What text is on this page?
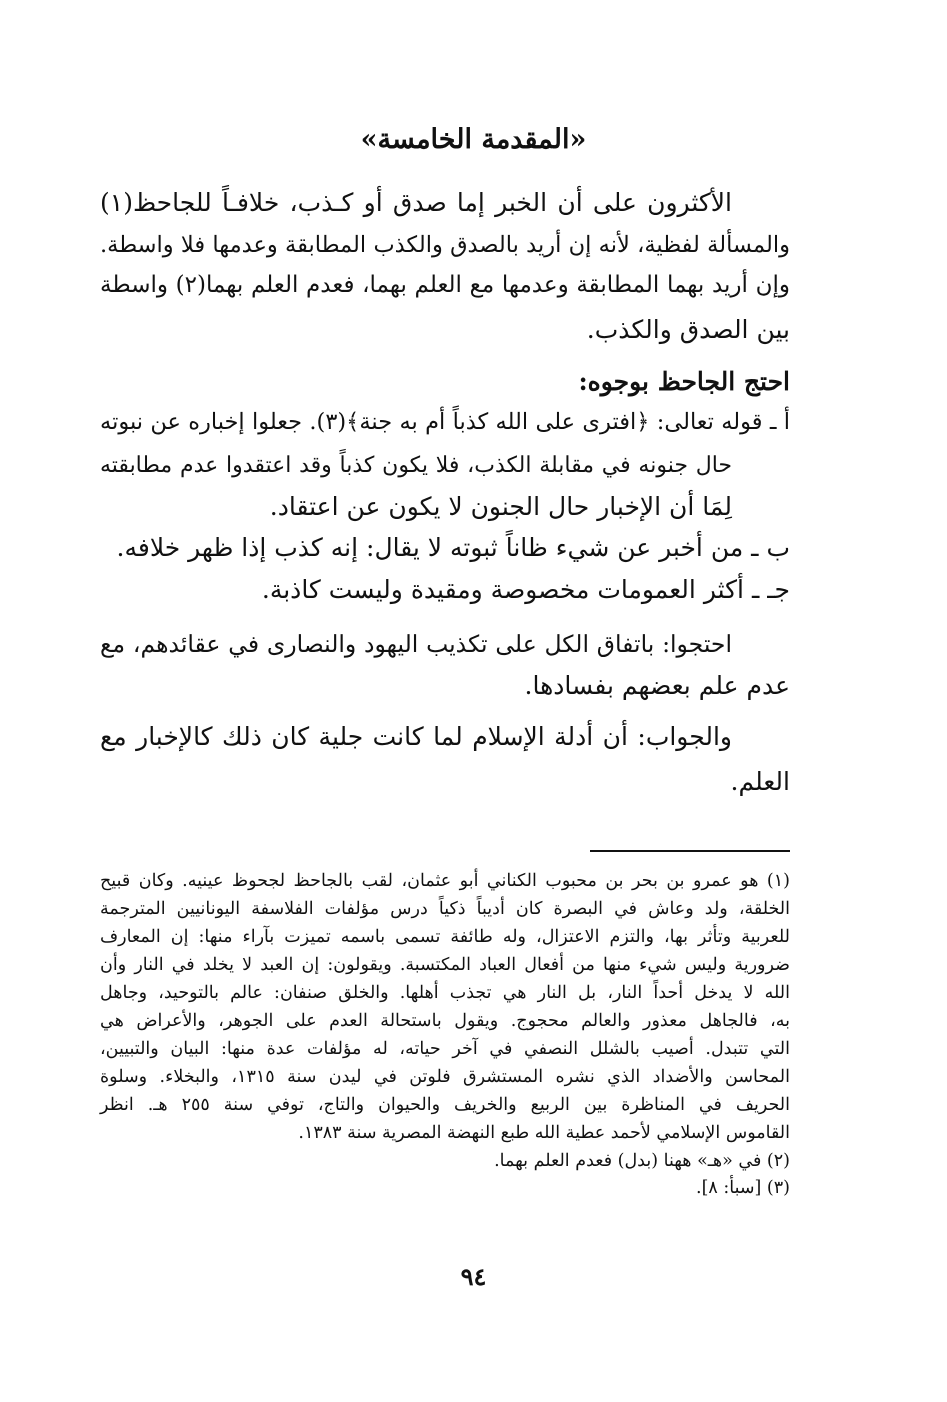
«المقدمة الخامسة»
الأكثرون على أن الخبر إما صدق أو كـذب، خلافـاً للجاحظ(١)
والمسألة لفظية، لأنه إن أريد بالصدق والكذب المطابقة وعدمها فلا واسطة.
وإن أريد بهما المطابقة وعدمها مع العلم بهما، فعدم العلم بهما(٢) واسطة
بين الصدق والكذب.
احتج الجاحظ بوجوه:
أ ـ قوله تعالى: ﴿افترى على الله كذباً أم به جنة﴾(٣). جعلوا إخباره عن نبوته
حال جنونه في مقابلة الكذب، فلا يكون كذباً وقد اعتقدوا عدم مطابقته
لِمَا أن الإخبار حال الجنون لا يكون عن اعتقاد.
ب ـ من أخبر عن شيء ظاناً ثبوته لا يقال: إنه كذب إذا ظهر خلافه.
جـ ـ أكثر العمومات مخصوصة ومقيدة وليست كاذبة.
احتجوا: باتفاق الكل على تكذيب اليهود والنصارى في عقائدهم، مع
عدم علم بعضهم بفسادها.
والجواب: أن أدلة الإسلام لما كانت جلية كان ذلك كالإخبار مع
العلم.
(١) هو عمرو بن بحر بن محبوب الكناني أبو عثمان، لقب بالجاحظ لجحوظ عينيه. وكان قبيح
الخلقة، ولد وعاش في البصرة كان أديباً ذكياً درس مؤلفات الفلاسفة اليونانيين المترجمة
للعربية وتأثر بها، والتزم الاعتزال، وله طائفة تسمى باسمه تميزت بآراء منها: إن المعارف
ضرورية وليس شيء منها من أفعال العباد المكتسبة. ويقولون: إن العبد لا يخلد في النار وأن
الله لا يدخل أحداً النار، بل النار هي تجذب أهلها. والخلق صنفان: عالم بالتوحيد، وجاهل
به، فالجاهل معذور والعالم محجوج. ويقول باستحالة العدم على الجوهر، والأعراض هي
التي تتبدل. أصيب بالشلل النصفي في آخر حياته، له مؤلفات عدة منها: البيان والتبيين،
المحاسن والأضداد الذي نشره المستشرق فلوتن في ليدن سنة ١٣١٥، والبخلاء. وسلوة
الحريف في المناظرة بين الربيع والخريف والحيوان والتاج، توفي سنة ٢٥٥ هـ. انظر
القاموس الإسلامي لأحمد عطية الله طبع النهضة المصرية سنة ١٣٨٣.
(٢) في «هـ» ههنا (بدل) فعدم العلم بهما.
(٣) [سبأ: ٨].
٩٤
